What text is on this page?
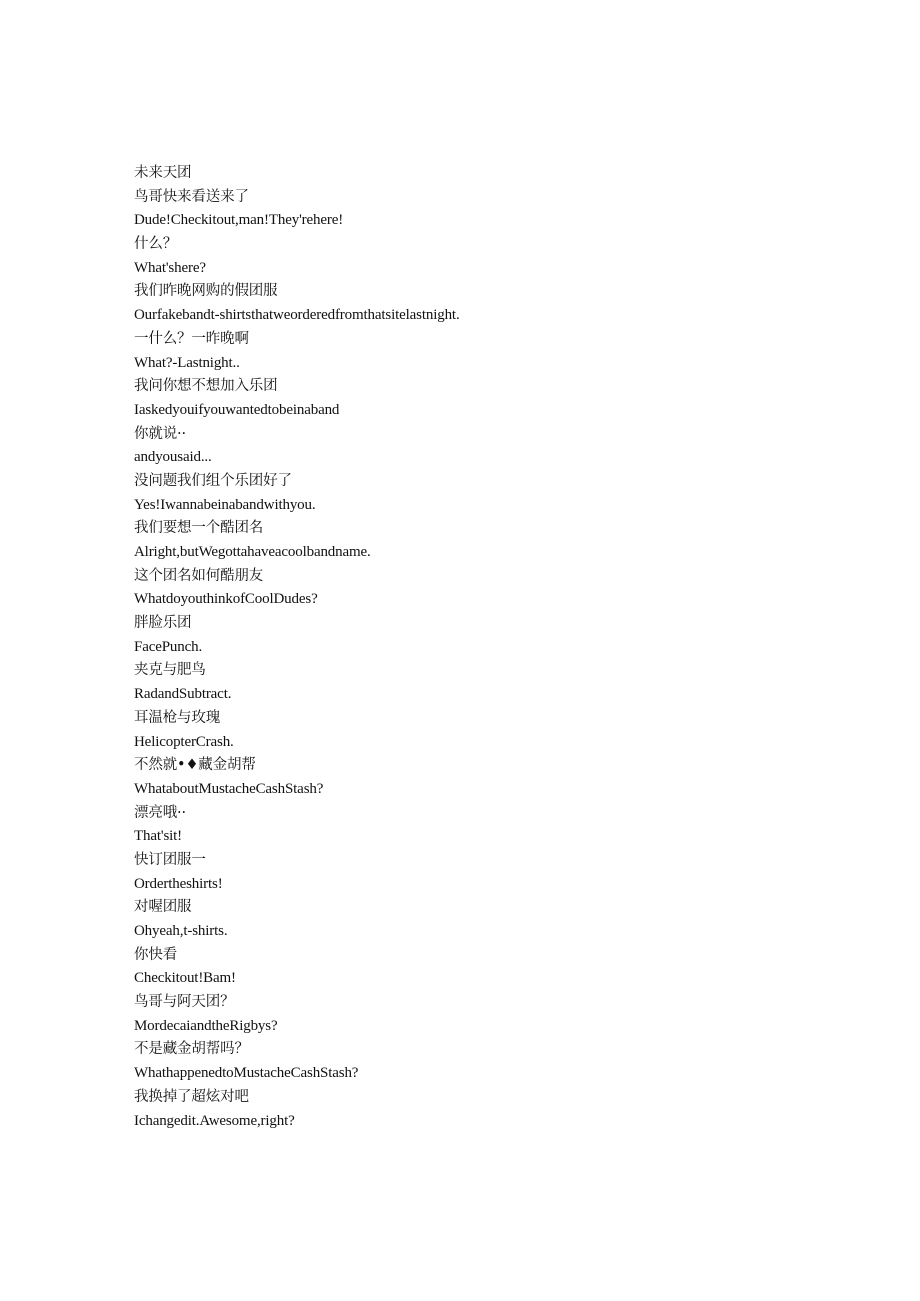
未来天团
鸟哥快来看送来了
Dude!Checkitout,man!They'rehere!
什么？
What'shere?
我们昨晚网购的假团服
Ourfakebandt-shirtsthatweorderedfromthatsitelastnight.
一什么？一昨晚啊
What?-Lastnight..
我问你想不想加入乐团
Iaskedyouifyouwantedtobeinaband
你就说··
andyousaid...
没问题我们组个乐团好了
Yes!Iwannabeinabandwithyou.
我们要想一个酷团名
Alright,butWegottahaveacoolbandname.
这个团名如何酷朋友
WhatdoyouthinkofCoolDudes?
胖脸乐团
FacePunch.
夹克与肥鸟
RadandSubtract.
耳温枪与玫瑰
HelicopterCrash.
不然就•♦藏金胡帮
WhataboutMustacheCashStash?
漂亮哦··
That'sit!
快订团服一
Ordertheshirts!
对喔团服
Ohyeah,t-shirts.
你快看
Checkitout!Bam!
鸟哥与阿天团？
MordecaiandtheRigbys?
不是藏金胡帮吗？
WhathappenedtoMustacheCashStash?
我换掉了超炫对吧
Ichangedit.Awesome,right?
